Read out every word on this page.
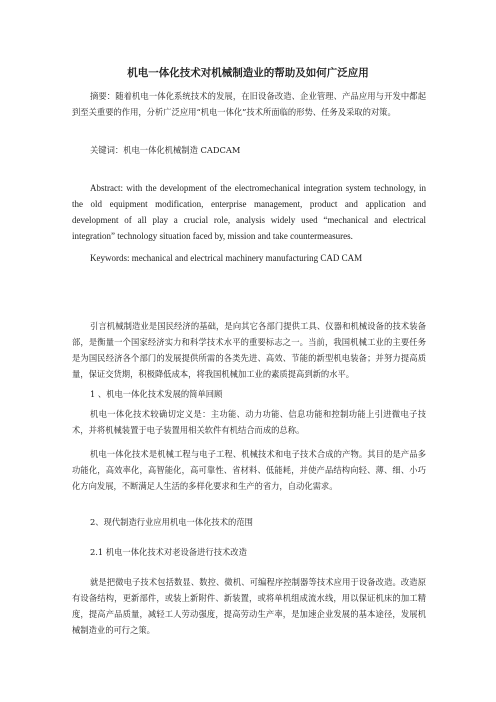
机电一体化技术对机械制造业的帮助及如何广泛应用

摘要：随着机电一体化系统技术的发展，在旧设备改造、企业管理、产品应用与开发中都起到至关重要的作用，分析广泛应用“机电一体化”技术所面临的形势、任务及采取的对策。

关键词：机电一体化机械制造 CADCAM

Abstract: with the development of the electromechanical integration system technology, in the old equipment modification, enterprise management, product and application and development of all play a crucial role, analysis widely used “mechanical and electrical integration” technology situation faced by, mission and take countermeasures.

Keywords: mechanical and electrical machinery manufacturing CAD CAM

引言机械制造业是国民经济的基础，是向其它各部门提供工具、仪器和机械设备的技术装备部，是衡量一个国家经济实力和科学技术水平的重要标志之一。当前，我国机械工业的主要任务是为国民经济各个部门的发展提供所需的各类先进、高效、节能的新型机电装备；并努力提高质量，保证交货期，积极降低成本，将我国机械加工业的素质提高到新的水平。

1 、机电一体化技术发展的简单回顾

机电一体化技术较确切定义是：主功能、动力功能、信息功能和控制功能上引进微电子技术，并将机械装置于电子装置用相关软件有机结合而成的总称。

机电一体化技术是机械工程与电子工程、机械技术和电子技术合成的产物。其目的是产品多功能化，高效率化，高智能化，高可靠性、省材料、低能耗，并使产品结构向轻、薄、细、小巧化方向发展，不断满足人生活的多样化要求和生产的省力，自动化需求。

2、现代制造行业应用机电一体化技术的范围
2.1 机电一体化技术对老设备进行技术改造

就是把微电子技术包括数显、数控、微机、可编程序控制器等技术应用于设备改造。改造原有设备结构，更新部件，或装上新附件、新装置，或将单机组成流水线，用以保证机床的加工精度，提高产品质量，减轻工人劳动强度，提高劳动生产率，是加速企业发展的基本途径，发展机械制造业的可行之策。
